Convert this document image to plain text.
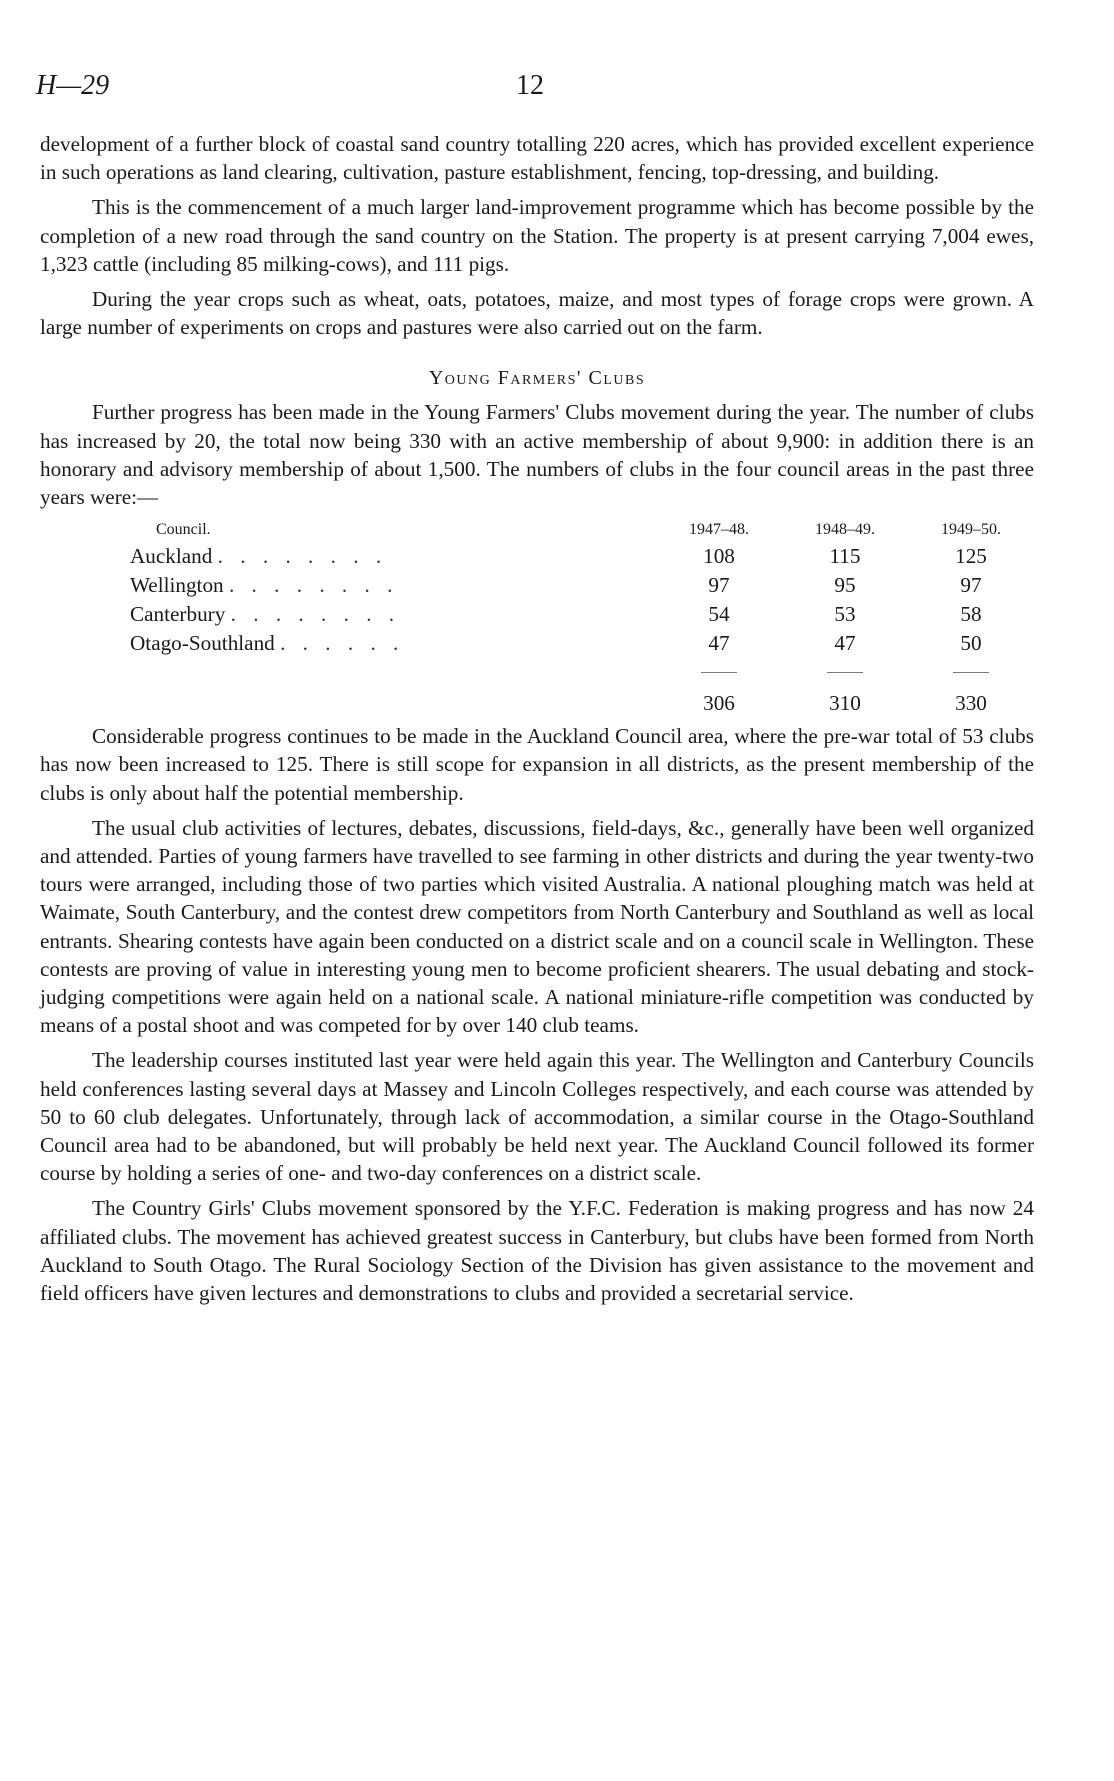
H—29	12

development of a further block of coastal sand country totalling 220 acres, which has provided excellent experience in such operations as land clearing, cultivation, pasture establishment, fencing, top-dressing, and building.

This is the commencement of a much larger land-improvement programme which has become possible by the completion of a new road through the sand country on the Station. The property is at present carrying 7,004 ewes, 1,323 cattle (including 85 milking-cows), and 111 pigs.

During the year crops such as wheat, oats, potatoes, maize, and most types of forage crops were grown. A large number of experiments on crops and pastures were also carried out on the farm.

Young Farmers' Clubs

Further progress has been made in the Young Farmers' Clubs movement during the year. The number of clubs has increased by 20, the total now being 330 with an active membership of about 9,900: in addition there is an honorary and advisory membership of about 1,500. The numbers of clubs in the four council areas in the past three years were:—

Council.	1947–48.	1948–49.	1949–50.
Auckland . . . . . . . .	108	115	125
Wellington . . . . . . . .	97	95	97
Canterbury . . . . . . . .	54	53	58
Otago-Southland . . . . . .	47	47	50

	306	310	330

Considerable progress continues to be made in the Auckland Council area, where the pre-war total of 53 clubs has now been increased to 125. There is still scope for expansion in all districts, as the present membership of the clubs is only about half the potential membership.

The usual club activities of lectures, debates, discussions, field-days, &c., generally have been well organized and attended. Parties of young farmers have travelled to see farming in other districts and during the year twenty-two tours were arranged, including those of two parties which visited Australia. A national ploughing match was held at Waimate, South Canterbury, and the contest drew competitors from North Canterbury and Southland as well as local entrants. Shearing contests have again been conducted on a district scale and on a council scale in Wellington. These contests are proving of value in interesting young men to become proficient shearers. The usual debating and stock-judging competitions were again held on a national scale. A national miniature-rifle competition was conducted by means of a postal shoot and was competed for by over 140 club teams.

The leadership courses instituted last year were held again this year. The Wellington and Canterbury Councils held conferences lasting several days at Massey and Lincoln Colleges respectively, and each course was attended by 50 to 60 club delegates. Unfortunately, through lack of accommodation, a similar course in the Otago-Southland Council area had to be abandoned, but will probably be held next year. The Auckland Council followed its former course by holding a series of one- and two-day conferences on a district scale.

The Country Girls' Clubs movement sponsored by the Y.F.C. Federation is making progress and has now 24 affiliated clubs. The movement has achieved greatest success in Canterbury, but clubs have been formed from North Auckland to South Otago. The Rural Sociology Section of the Division has given assistance to the movement and field officers have given lectures and demonstrations to clubs and provided a secretarial service.
